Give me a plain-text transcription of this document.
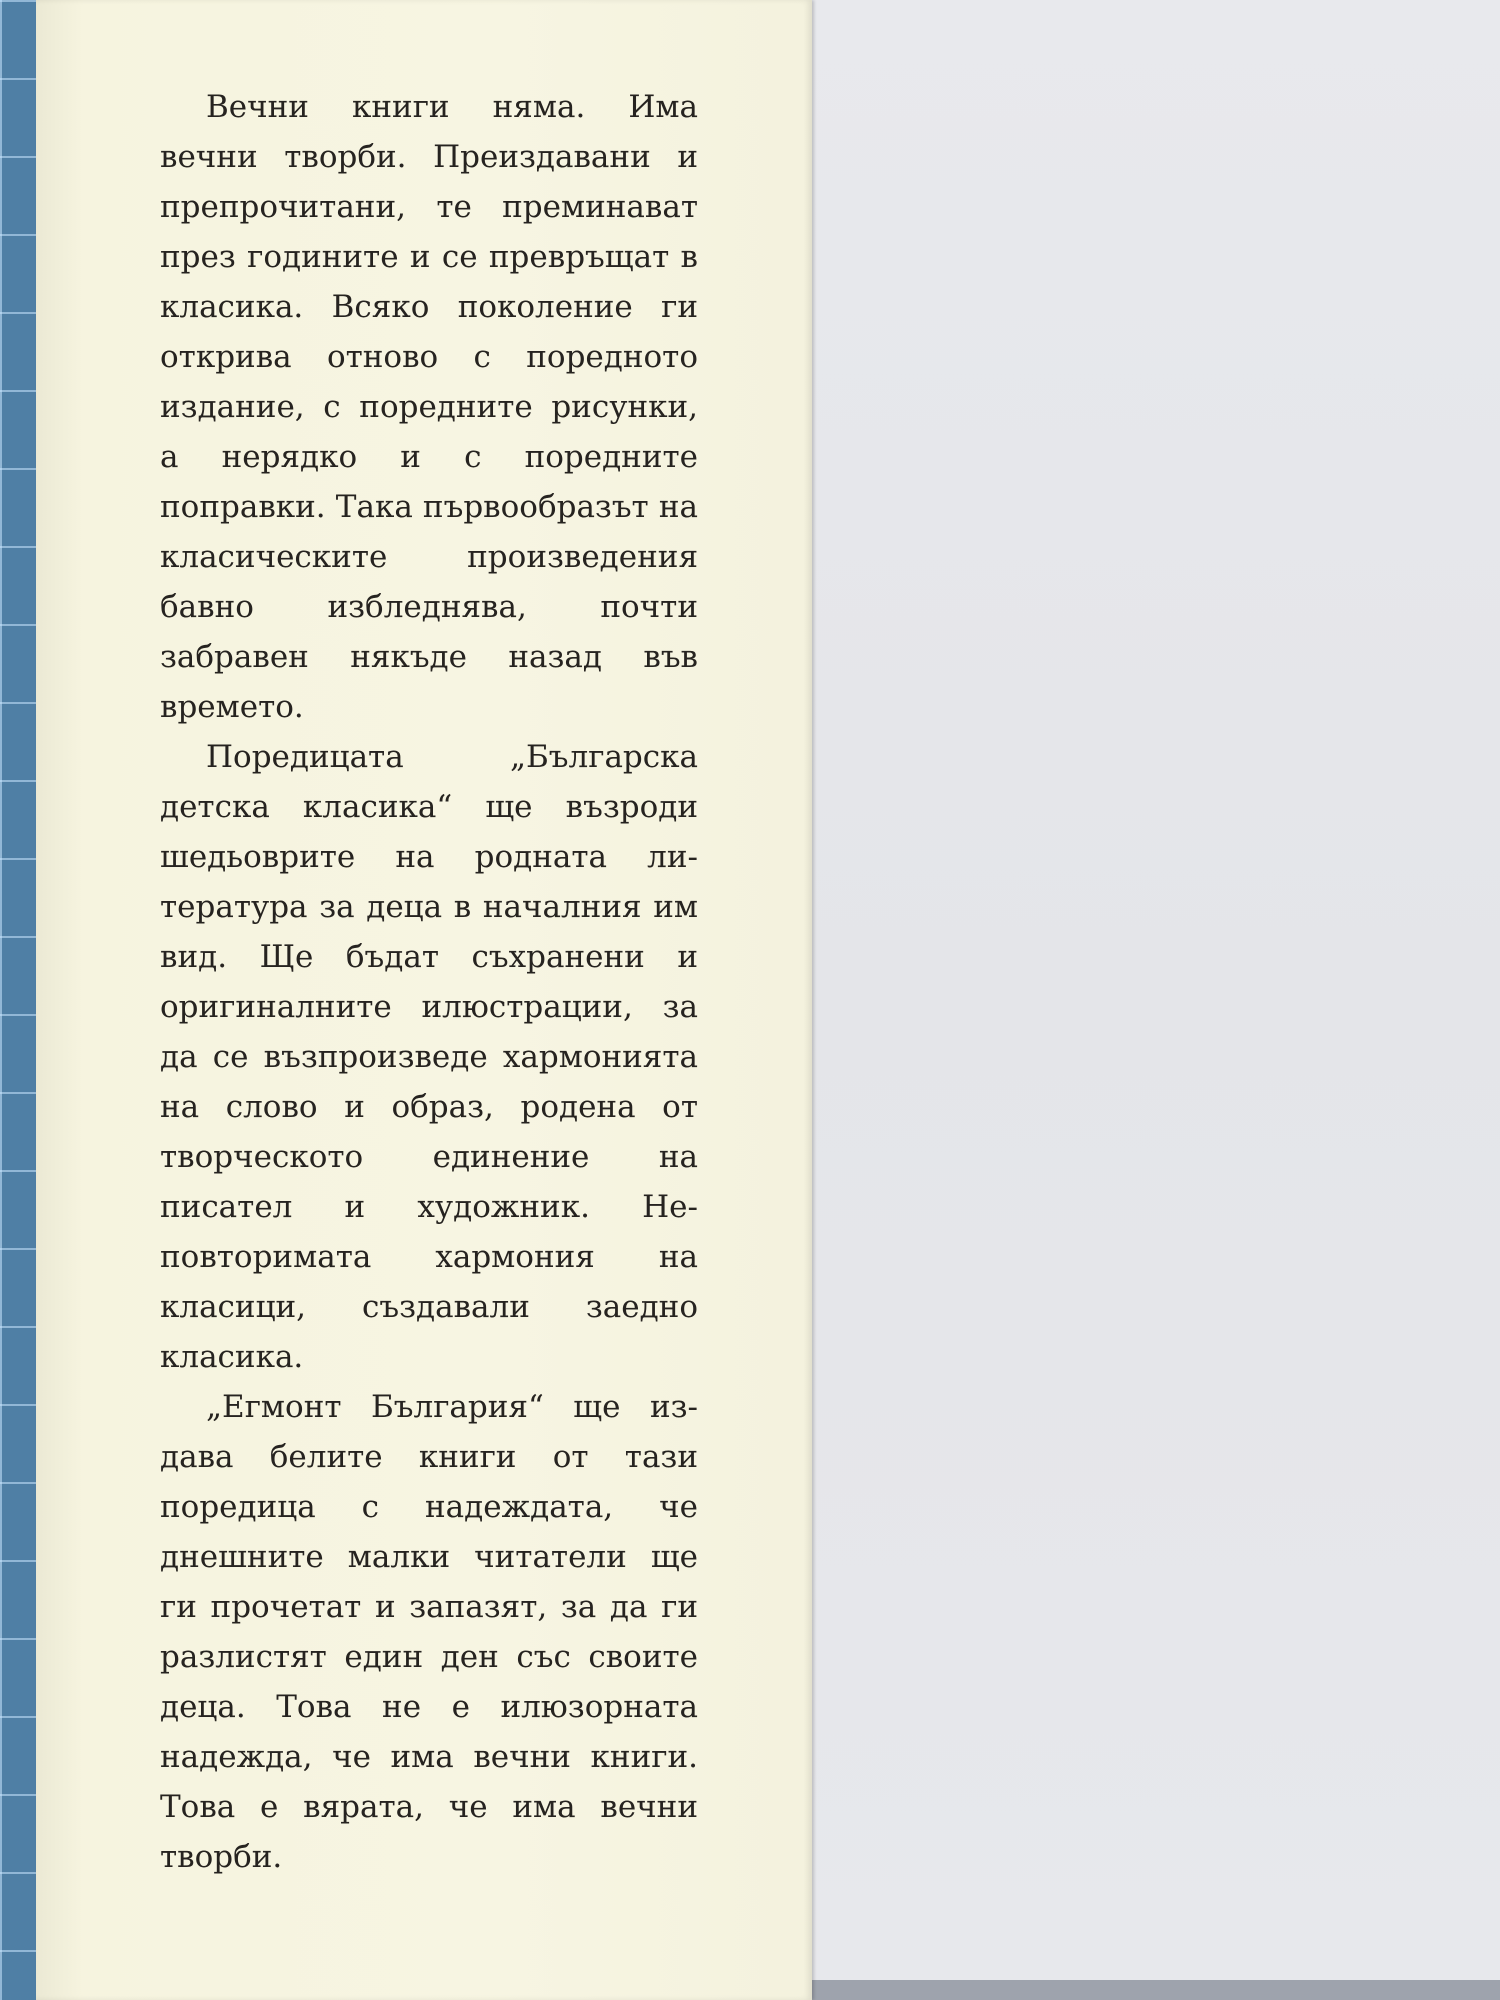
Вечни книги няма. Има вечни творби. Преиздавани и препрочитани, те преминават през годините и се превръщат в класика. Всяко поколение ги открива отново с поредното издание, с поредните рисунки, а нерядко и с поредните поправки. Така първообразът на класическите произведения бавно избледнява, почти забравен някъде назад във времето.

Поредицата „Българска детска класика“ ще възроди шедьоврите на родната литература за деца в началния им вид. Ще бъдат съхранени и оригиналните илюстрации, за да се възпроизведе хармонията на слово и образ, родена от творческото единение на писател и художник. Неповторимата хармония на класици, създавали заедно класика.

„Егмонт България“ ще издава белите книги от тази поредица с надеждата, че днешните малки читатели ще ги прочетат и запазят, за да ги разлистят един ден със своите деца. Това не е илюзорната надежда, че има вечни книги. Това е вярата, че има вечни творби.
